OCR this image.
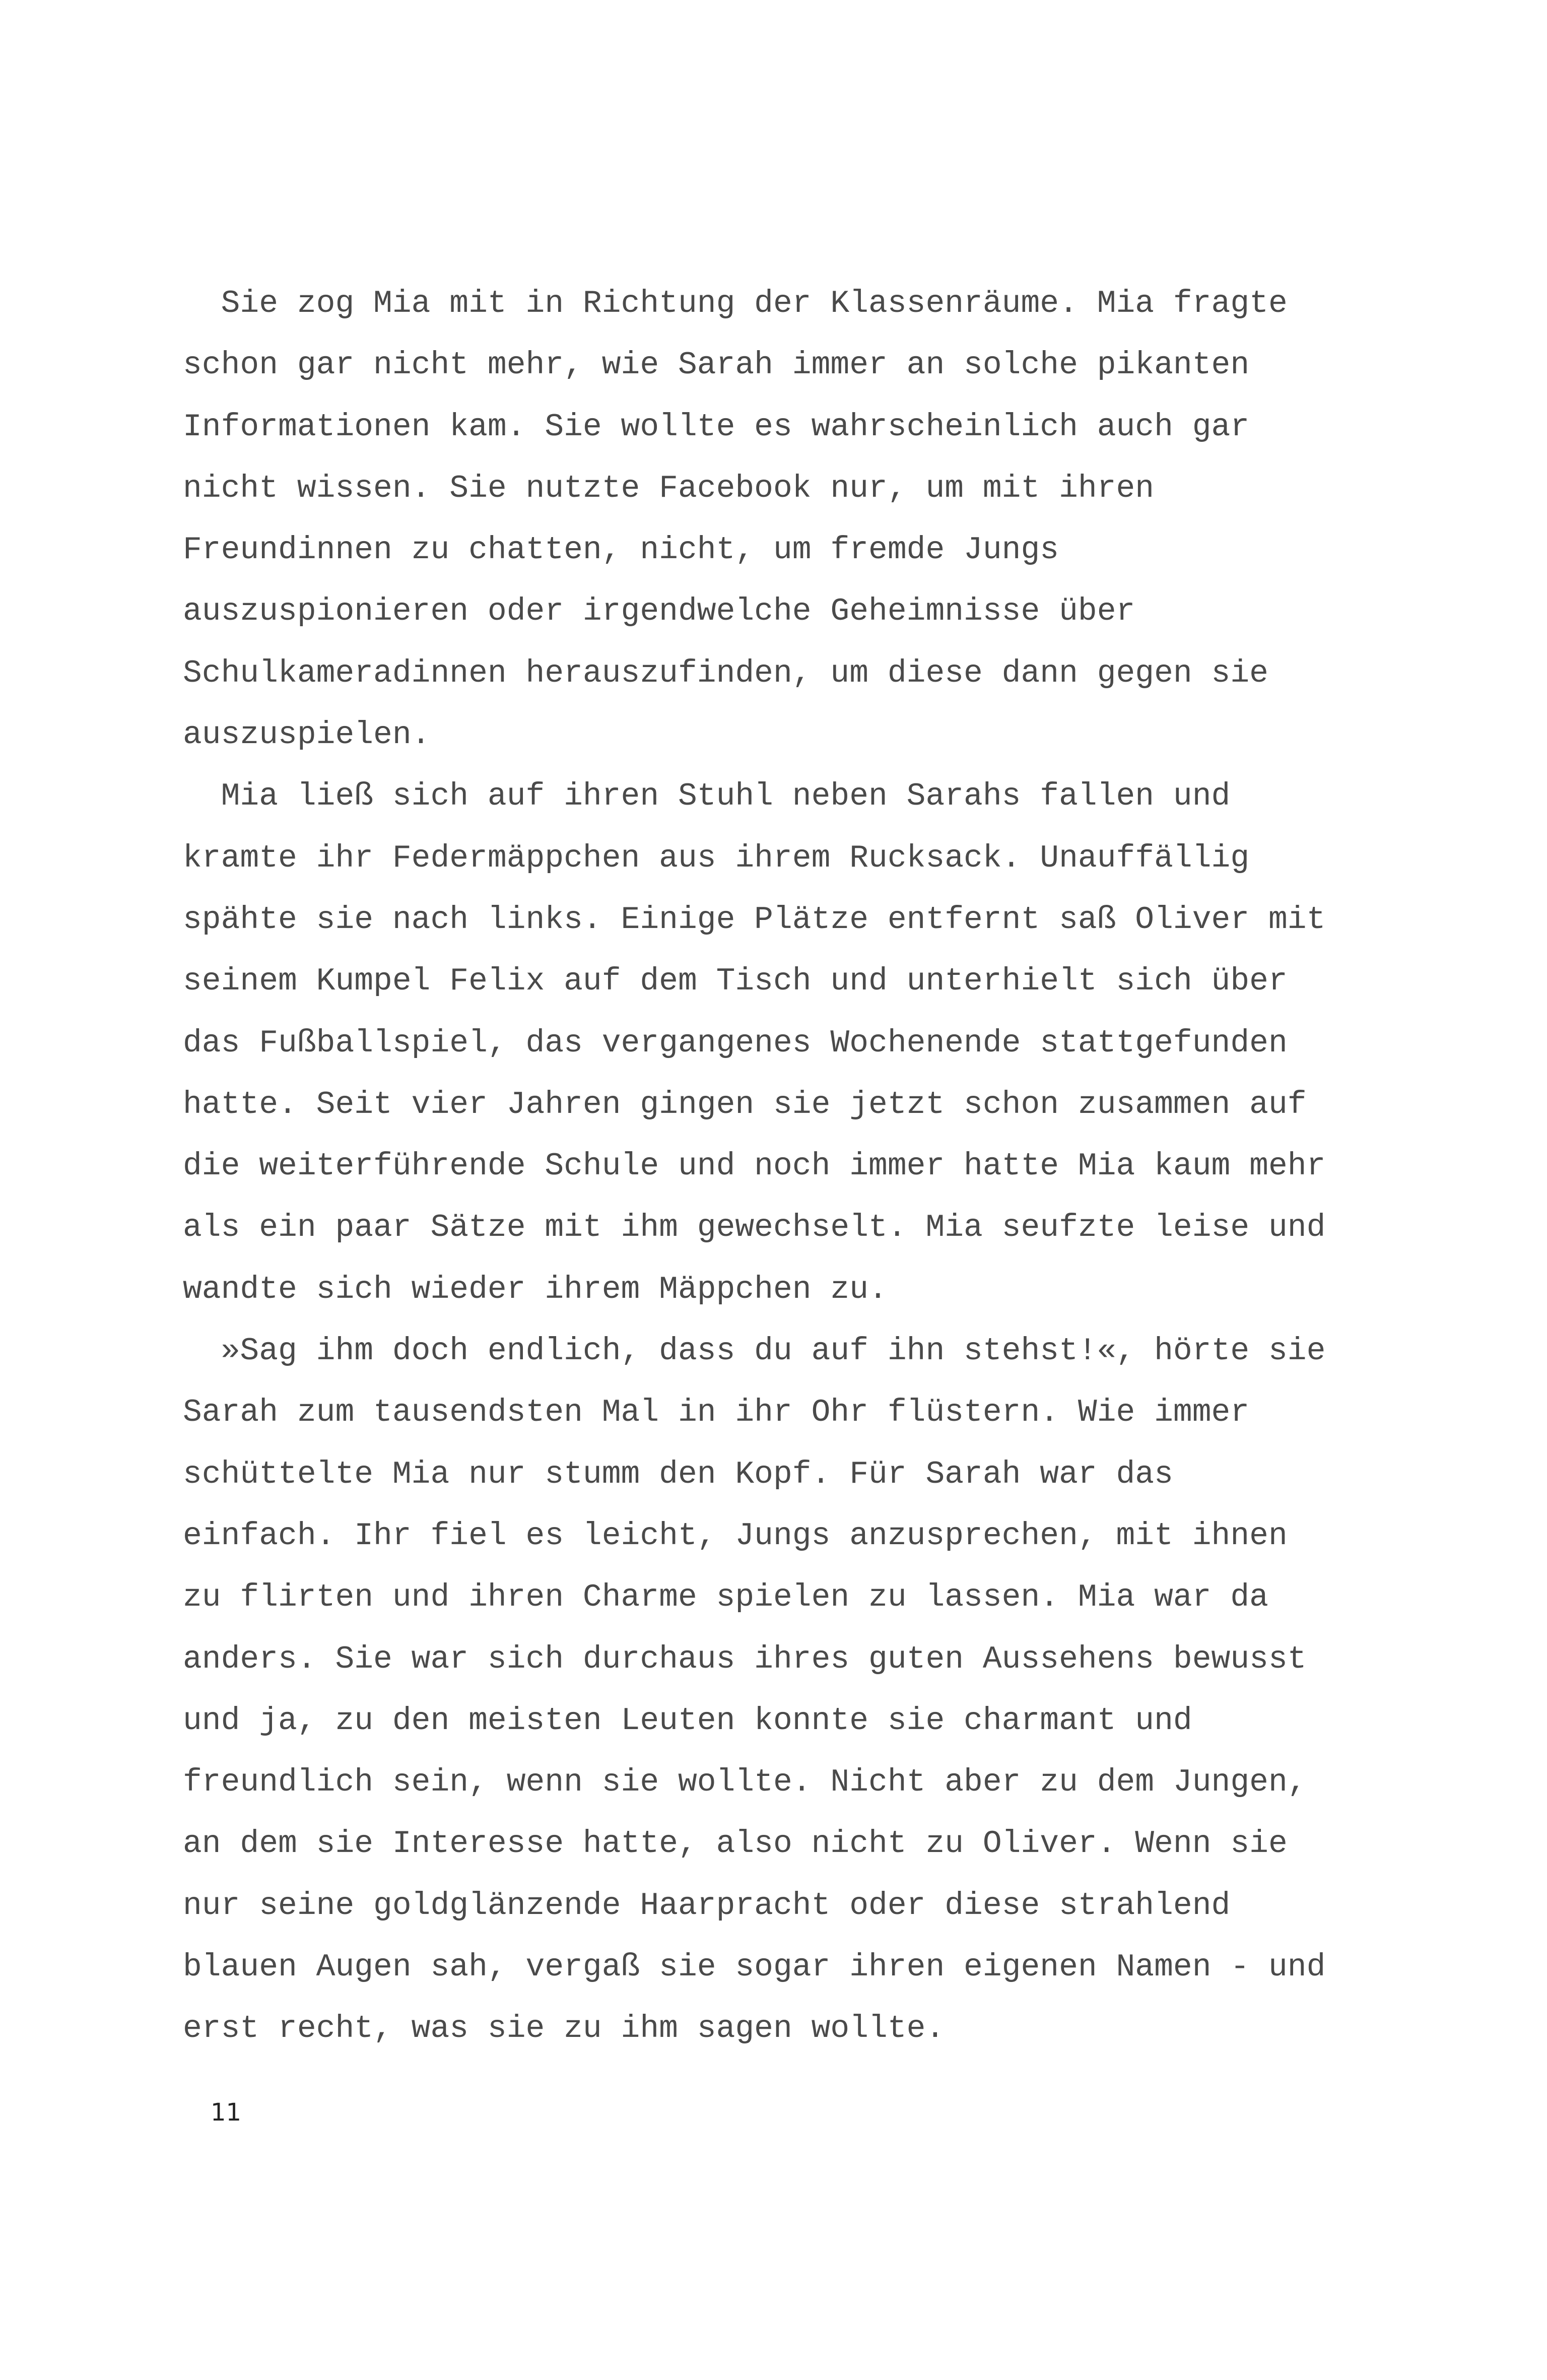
Sie zog Mia mit in Richtung der Klassenräume. Mia fragte
schon gar nicht mehr, wie Sarah immer an solche pikanten
Informationen kam. Sie wollte es wahrscheinlich auch gar
nicht wissen. Sie nutzte Facebook nur, um mit ihren
Freundinnen zu chatten, nicht, um fremde Jungs
auszuspionieren oder irgendwelche Geheimnisse über
Schulkameradinnen herauszufinden, um diese dann gegen sie
auszuspielen.
Mia ließ sich auf ihren Stuhl neben Sarahs fallen und
kramte ihr Federmäppchen aus ihrem Rucksack. Unauffällig
spähte sie nach links. Einige Plätze entfernt saß Oliver mit
seinem Kumpel Felix auf dem Tisch und unterhielt sich über
das Fußballspiel, das vergangenes Wochenende stattgefunden
hatte. Seit vier Jahren gingen sie jetzt schon zusammen auf
die weiterführende Schule und noch immer hatte Mia kaum mehr
als ein paar Sätze mit ihm gewechselt. Mia seufzte leise und
wandte sich wieder ihrem Mäppchen zu.
»Sag ihm doch endlich, dass du auf ihn stehst!«, hörte sie
Sarah zum tausendsten Mal in ihr Ohr flüstern. Wie immer
schüttelte Mia nur stumm den Kopf. Für Sarah war das
einfach. Ihr fiel es leicht, Jungs anzusprechen, mit ihnen
zu flirten und ihren Charme spielen zu lassen. Mia war da
anders. Sie war sich durchaus ihres guten Aussehens bewusst
und ja, zu den meisten Leuten konnte sie charmant und
freundlich sein, wenn sie wollte. Nicht aber zu dem Jungen,
an dem sie Interesse hatte, also nicht zu Oliver. Wenn sie
nur seine goldglänzende Haarpracht oder diese strahlend
blauen Augen sah, vergaß sie sogar ihren eigenen Namen - und
erst recht, was sie zu ihm sagen wollte.
11
